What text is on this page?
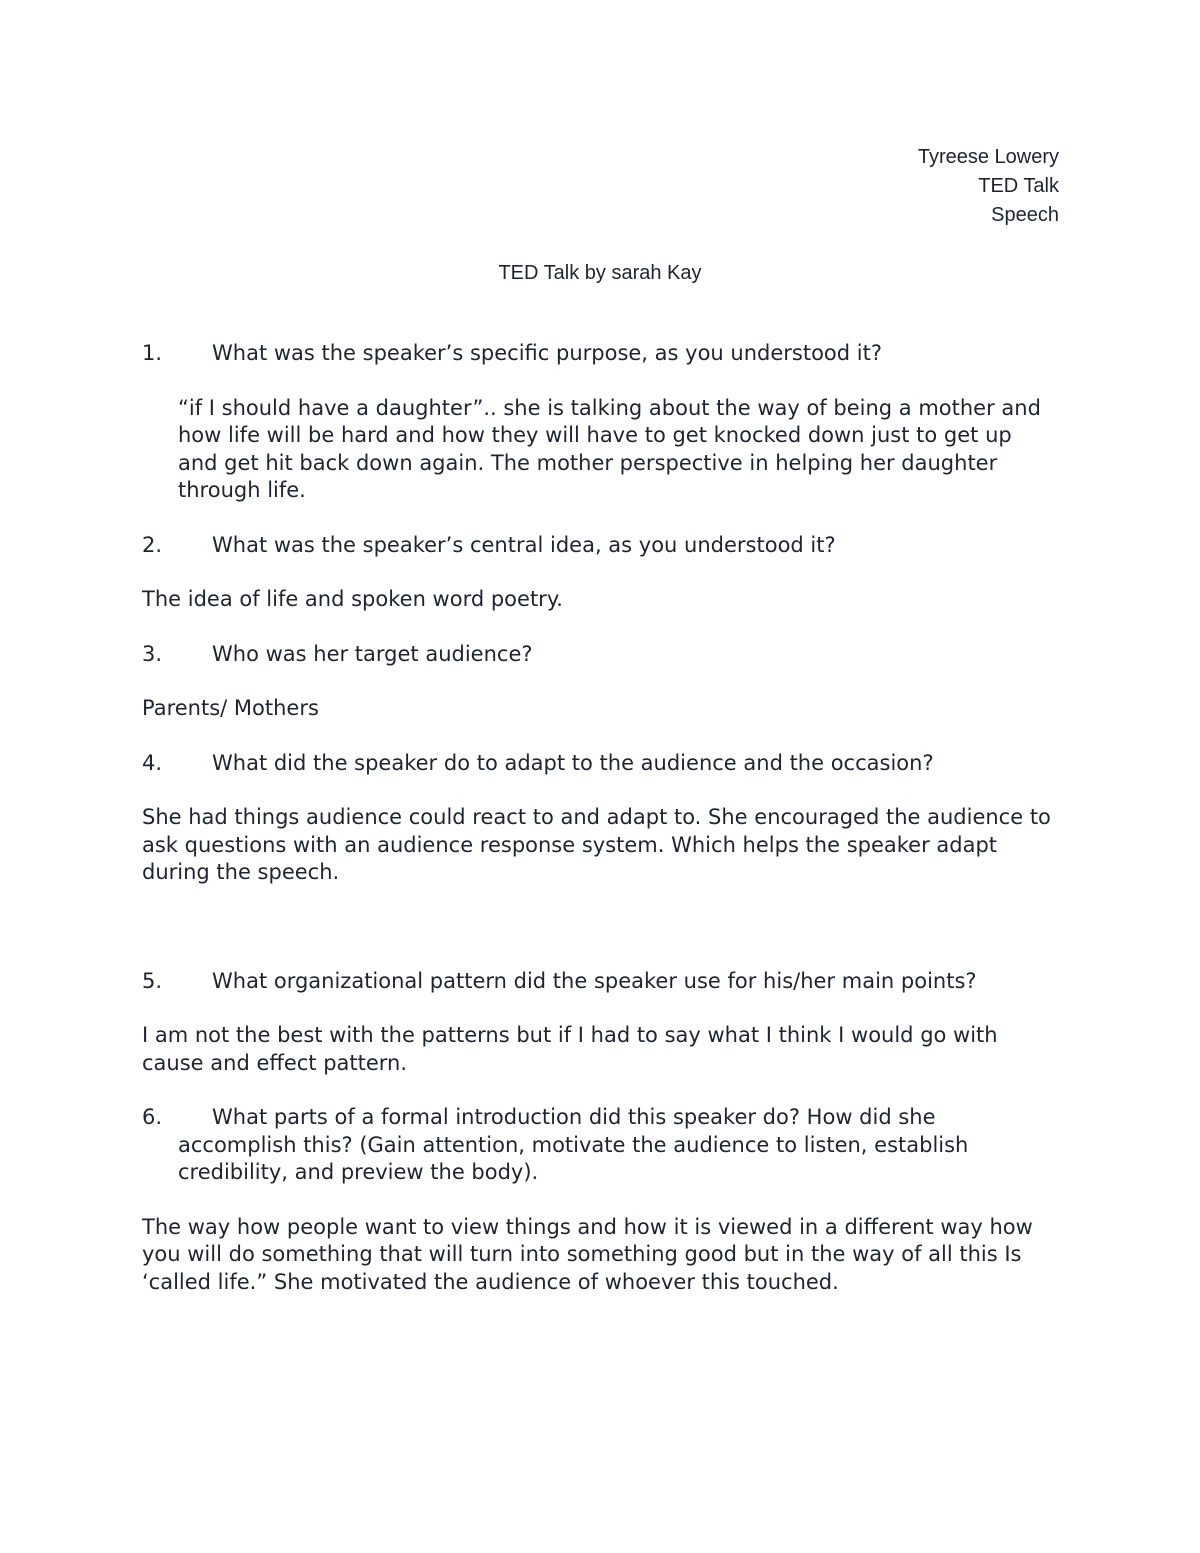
Tyreese Lowery
TED Talk
Speech
TED Talk by sarah Kay
1.	What was the speaker’s specific purpose, as you understood it?
“if I should have a daughter”.. she is talking about the way of being a mother and how life will be hard and how they will have to get knocked down just to get up and get hit back down again. The mother perspective in helping her daughter through life.
2.	What was the speaker’s central idea, as you understood it?
The idea of life and spoken word poetry.
3.	Who was her target audience?
Parents/ Mothers
4.	What did the speaker do to adapt to the audience and the occasion?
She had things audience could react to and adapt to. She encouraged the audience to ask questions with an audience response system. Which helps the speaker adapt during the speech.
5.	What organizational pattern did the speaker use for his/her main points?
I am not the best with the patterns but if I had to say what I think I would go with cause and effect pattern.
6.	What parts of a formal introduction did this speaker do? How did she accomplish this? (Gain attention, motivate the audience to listen, establish credibility, and preview the body).
The way how people want to view things and how it is viewed in a different way how you will do something that will turn into something good but in the way of all this Is ‘called life.” She motivated the audience of whoever this touched.
